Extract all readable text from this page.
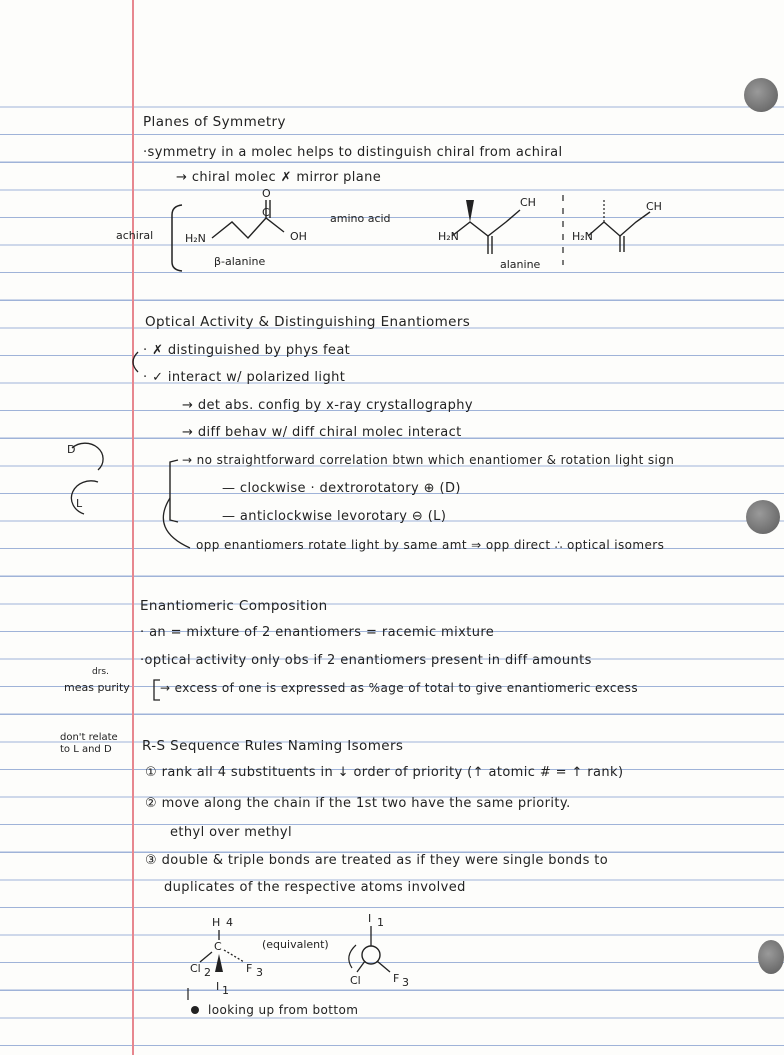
Planes of Symmetry
·symmetry in a molec helps to distinguish chiral from achiral
→ chiral molec ✗ mirror plane
achiral	H₂N
O
C
OH
amino acid
β-alanine
H₂N
CH
alanine
H₂N
CH
Optical Activity & Distinguishing Enantiomers
· ✗ distinguished by phys feat
· ✓ interact w/ polarized light
→ det abs. config by x-ray crystallography
→ diff behav w/ diff chiral molec interact
→ no straightforward correlation btwn which enantiomer & rotation light sign
— clockwise · dextrorotatory ⊕ (D)
— anticlockwise levorotary ⊖ (L)
opp enantiomers rotate light by same amt ⇒ opp direct ∴ optical isomers
D
L
Enantiomeric Composition
· an = mixture of 2 enantiomers = racemic mixture
·optical activity only obs if 2 enantiomers present in diff amounts
→ excess of one is expressed as %age of total to give enantiomeric excess
meas purity
drs.
R-S Sequence Rules Naming Isomers
don't relate to L and D
① rank all 4 substituents in ↓ order of priority (↑ atomic # = ↑ rank)
② move along the chain if the 1st two have the same priority.
ethyl over methyl
③ double & triple bonds are treated as if they were single bonds to
duplicates of the respective atoms involved
H 4
C
Cl 2	F 3
I 1
(equivalent)
I 1
Cl	F 3
looking up from bottom
